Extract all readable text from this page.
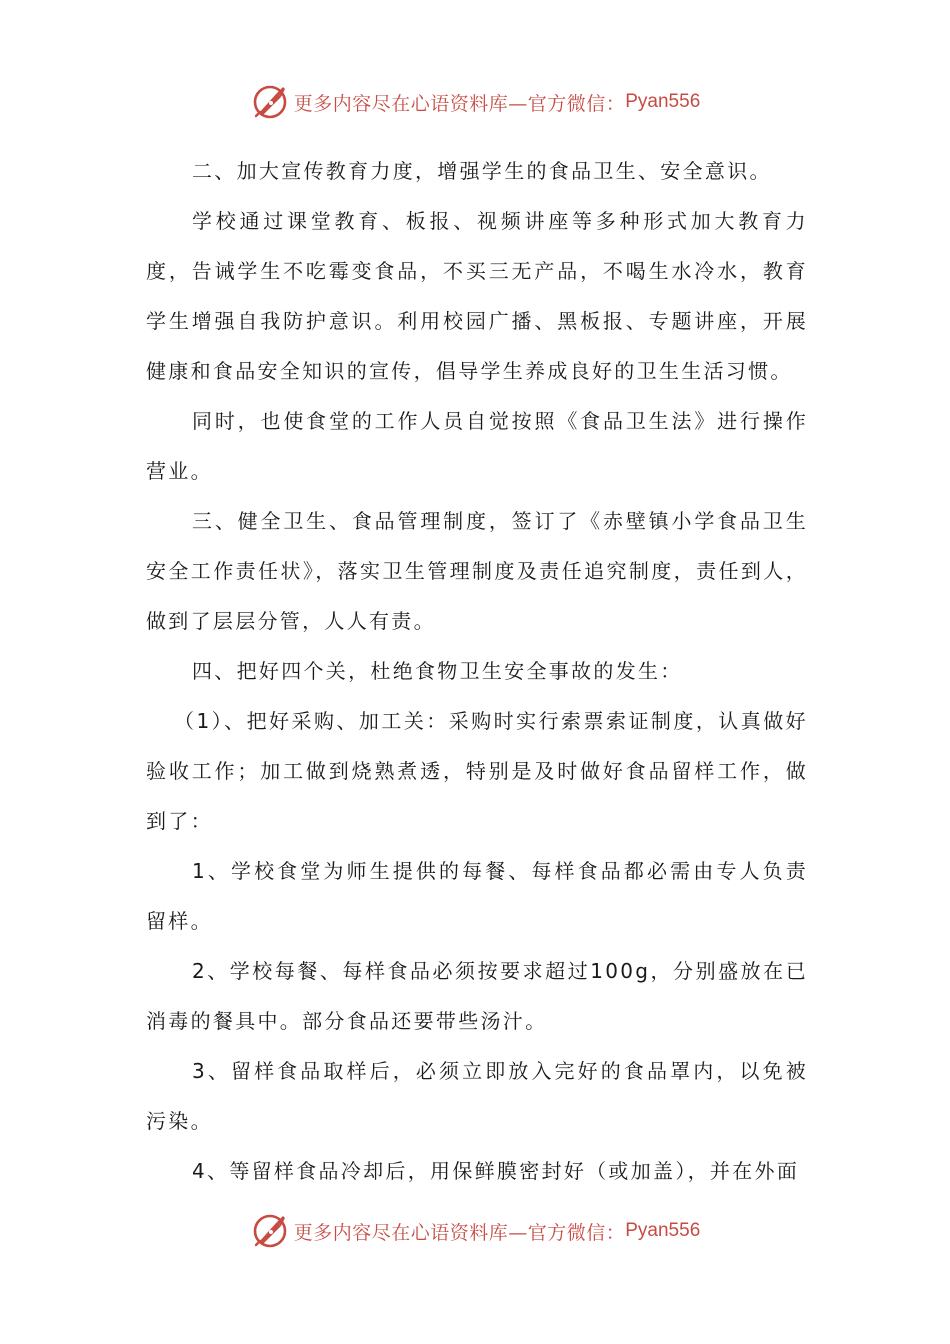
更多内容尽在心语资料库—官方微信： Pyan556

二、加大宣传教育力度，增强学生的食品卫生、安全意识。

学校通过课堂教育、板报、视频讲座等多种形式加大教育力度，告诫学生不吃霉变食品，不买三无产品，不喝生水冷水，教育学生增强自我防护意识。利用校园广播、黑板报、专题讲座，开展健康和食品安全知识的宣传，倡导学生养成良好的卫生生活习惯。

同时，也使食堂的工作人员自觉按照《食品卫生法》进行操作营业。

三、健全卫生、食品管理制度，签订了《赤壁镇小学食品卫生安全工作责任状》，落实卫生管理制度及责任追究制度，责任到人，做到了层层分管，人人有责。

四、把好四个关，杜绝食物卫生安全事故的发生：

（1）、把好采购、加工关：采购时实行索票索证制度，认真做好验收工作；加工做到烧熟煮透，特别是及时做好食品留样工作，做到了：

1、学校食堂为师生提供的每餐、每样食品都必需由专人负责留样。

2、学校每餐、每样食品必须按要求超过100g，分别盛放在已消毒的餐具中。部分食品还要带些汤汁。

3、留样食品取样后，必须立即放入完好的食品罩内，以免被污染。

4、等留样食品冷却后，用保鲜膜密封好（或加盖），并在外面

更多内容尽在心语资料库—官方微信： Pyan556
